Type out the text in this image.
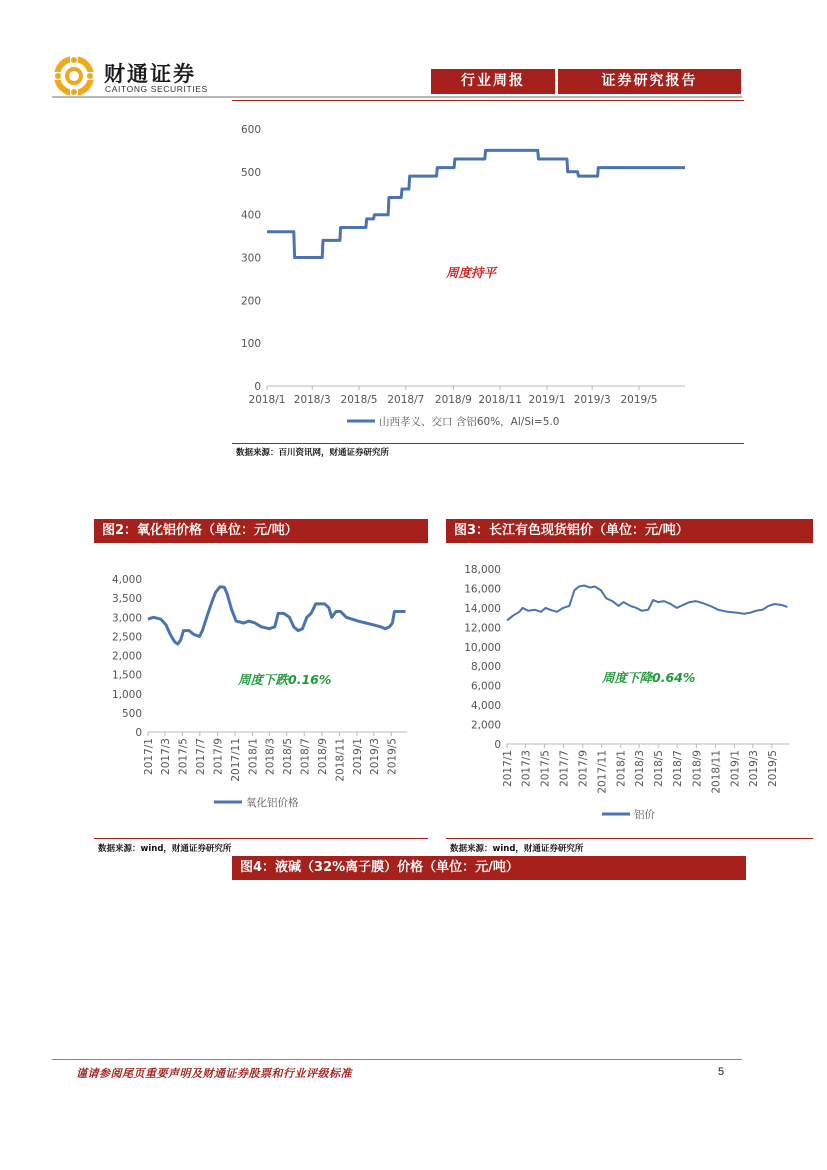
财通证券
CAITONG SECURITIES	行业周报	证券研究报告
0
100
200
300
400
500
600
2018/1 2018/3 2018/5 2018/7 2018/9 2018/11 2019/1 2019/3 2019/5
山西孝义、交口 含铝60%，Al/Si=5.0
周度持平
数据来源：百川资讯网，财通证券研究所
图2：氧化铝价格（单位：元/吨）
0
500
1,000
1,500
2,000
2,500
3,000
3,500
4,000
2017/1 2017/3 2017/5 2017/7 2017/9 2017/11 2018/1 2018/3 2018/5 2018/7 2018/9 2018/11 2019/1 2019/3 2019/5
氧化铝价格
周度下跌0.16%
图3：长江有色现货铝价（单位：元/吨）
0
2,000
4,000
6,000
8,000
10,000
12,000
14,000
16,000
18,000
2017/1 2017/3 2017/5 2017/7 2017/9 2017/11 2018/1 2018/3 2018/5 2018/7 2018/9 2018/11 2019/1 2019/3 2019/5
铝价
周度下降0.64%
数据来源：wind，财通证券研究所	数据来源：wind，财通证券研究所
图4：液碱（32%离子膜）价格（单位：元/吨）
谨请参阅尾页重要声明及财通证券股票和行业评级标准	5
